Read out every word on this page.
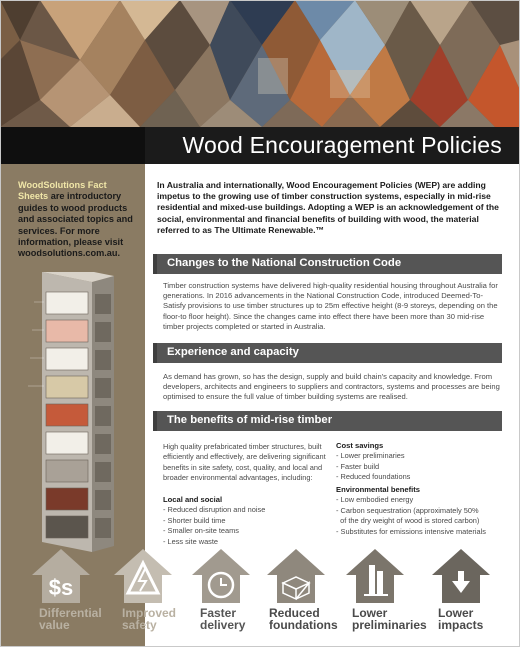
Wood Encouragement Policies
WoodSolutions Fact Sheets are introductory guides to wood products and associated topics and services. For more information, please visit woodsolutions.com.au.

In Australia and internationally, Wood Encouragement Policies (WEP) are adding impetus to the growing use of timber construction systems, especially in mid-rise residential and mixed-use buildings. Adopting a WEP is an acknowledgement of the social, environmental and financial benefits of building with wood, the material referred to as The Ultimate Renewable.™

Changes to the National Construction Code

Timber construction systems have delivered high-quality residential housing throughout Australia for generations. In 2016 advancements in the National Construction Code, introduced Deemed-To-Satisfy provisions to use timber structures up to 25m effective height (8-9 storeys, depending on the floor-to floor height). Since the changes came into effect there have been more than 30 mid-rise timber projects completed or started in Australia.

Experience and capacity

As demand has grown, so has the design, supply and build chain's capacity and knowledge. From developers, architects and engineers to suppliers and contractors, systems and processes are being optimised to ensure the full value of timber building systems are realised.

The benefits of mid-rise timber

High quality prefabricated timber structures, built efficiently and effectively, are delivering significant benefits in site safety, cost, quality, and local and broader environmental advantages, including:

Local and social
- Reduced disruption and noise
- Shorter build time
- Smaller on-site teams
- Less site waste
Cost savings
- Lower preliminaries
- Faster build
- Reduced foundations
Environmental benefits
- Low embodied energy
- Carbon sequestration (approximately 50%
of the dry weight of wood is stored carbon)
- Substitutes for emissions intensive materials
$s
Differential
value
Improved
safety
Faster
delivery
Reduced
foundations
Lower
preliminaries
Lower
impacts
